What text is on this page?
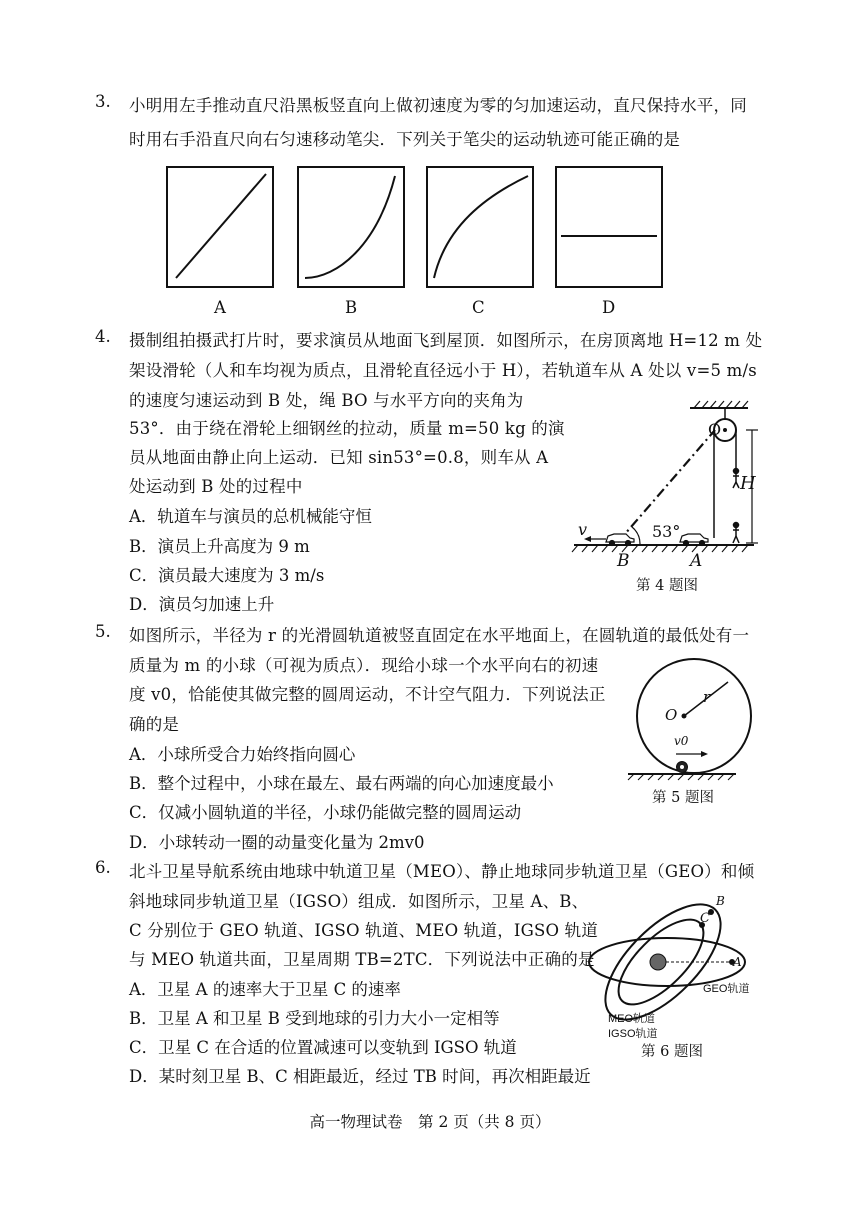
3. 小明用左手推动直尺沿黑板竖直向上做初速度为零的匀加速运动，直尺保持水平，同
时用右手沿直尺向右匀速移动笔尖．下列关于笔尖的运动轨迹可能正确的是
A	B	C	D
4. 摄制组拍摄武打片时，要求演员从地面飞到屋顶．如图所示，在房顶离地 H=12 m 处
架设滑轮（人和车均视为质点，且滑轮直径远小于 H），若轨道车从 A 处以 v=5 m/s
的速度匀速运动到 B 处，绳 BO 与水平方向的夹角为
53°．由于绕在滑轮上细钢丝的拉动，质量 m=50 kg 的演
员从地面由静止向上运动．已知 sin53°=0.8，则车从 A
处运动到 B 处的过程中
A．轨道车与演员的总机械能守恒
B．演员上升高度为 9 m
C．演员最大速度为 3 m/s
D．演员匀加速上升
O
H
v	53°
B	A
第 4 题图
5. 如图所示，半径为 r 的光滑圆轨道被竖直固定在水平地面上，在圆轨道的最低处有一
质量为 m 的小球（可视为质点）．现给小球一个水平向右的初速
度 v0，恰能使其做完整的圆周运动，不计空气阻力．下列说法正
确的是
A．小球所受合力始终指向圆心
B．整个过程中，小球在最左、最右两端的向心加速度最小
C．仅减小圆轨道的半径，小球仍能做完整的圆周运动
D．小球转动一圈的动量变化量为 2mv0
O
r
v0
第 5 题图
6. 北斗卫星导航系统由地球中轨道卫星（MEO）、静止地球同步轨道卫星（GEO）和倾
斜地球同步轨道卫星（IGSO）组成．如图所示，卫星 A、B、
C 分别位于 GEO 轨道、IGSO 轨道、MEO 轨道，IGSO 轨道
与 MEO 轨道共面，卫星周期 TB=2TC．下列说法中正确的是
A．卫星 A 的速率大于卫星 C 的速率
B．卫星 A 和卫星 B 受到地球的引力大小一定相等
C．卫星 C 在合适的位置减速可以变轨到 IGSO 轨道
D．某时刻卫星 B、C 相距最近，经过 TB 时间，再次相距最近
B
C
A
GEO轨道
MEO轨道
IGSO轨道
第 6 题图
高一物理试卷　第 2 页（共 8 页）
